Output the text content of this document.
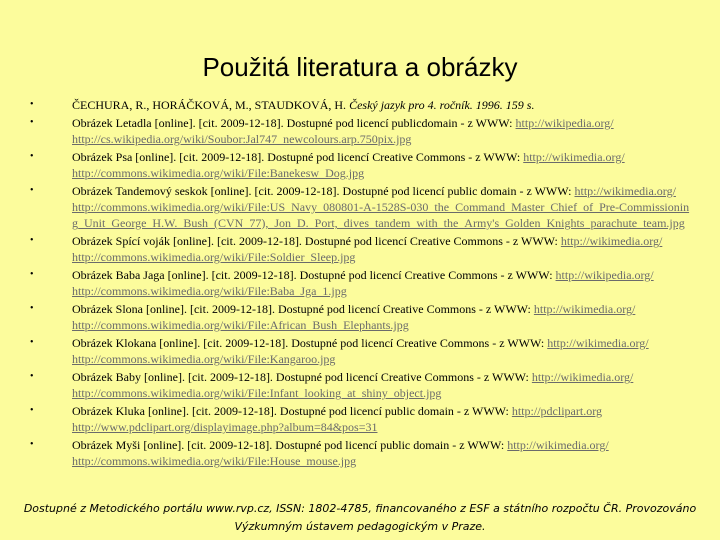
Použitá literatura a obrázky
•	ČECHURA, R., HORÁČKOVÁ, M., STAUDKOVÁ, H. Český jazyk pro 4. ročník. 1996. 159 s.
•	Obrázek Letadla [online]. [cit. 2009-12-18]. Dostupné pod licencí publicdomain - z WWW: http://wikipedia.org/
http://cs.wikipedia.org/wiki/Soubor:Jal747_newcolours.arp.750pix.jpg
•	Obrázek Psa [online]. [cit. 2009-12-18]. Dostupné pod licencí Creative Commons - z WWW: http://wikimedia.org/
http://commons.wikimedia.org/wiki/File:Banekesw_Dog.jpg
•	Obrázek Tandemový seskok [online]. [cit. 2009-12-18]. Dostupné pod licencí public domain - z WWW: http://wikimedia.org/
http://commons.wikimedia.org/wiki/File:US_Navy_080801-A-1528S-030_the_Command_Master_Chief_of_Pre-Commissioning_Unit_George_H.W._Bush_(CVN_77),_Jon_D._Port,_dives_tandem_with_the_Army's_Golden_Knights_parachute_team.jpg
•	Obrázek Spící voják [online]. [cit. 2009-12-18]. Dostupné pod licencí Creative Commons - z WWW: http://wikimedia.org/
http://commons.wikimedia.org/wiki/File:Soldier_Sleep.jpg
•	Obrázek Baba Jaga [online]. [cit. 2009-12-18]. Dostupné pod licencí Creative Commons - z WWW: http://wikipedia.org/
http://commons.wikimedia.org/wiki/File:Baba_Jga_1.jpg
•	Obrázek Slona [online]. [cit. 2009-12-18]. Dostupné pod licencí Creative Commons - z WWW: http://wikimedia.org/
http://commons.wikimedia.org/wiki/File:African_Bush_Elephants.jpg
•	Obrázek Klokana [online]. [cit. 2009-12-18]. Dostupné pod licencí Creative Commons - z WWW: http://wikimedia.org/
http://commons.wikimedia.org/wiki/File:Kangaroo.jpg
•	Obrázek Baby [online]. [cit. 2009-12-18]. Dostupné pod licencí Creative Commons - z WWW: http://wikimedia.org/
http://commons.wikimedia.org/wiki/File:Infant_looking_at_shiny_object.jpg
•	Obrázek Kluka [online]. [cit. 2009-12-18]. Dostupné pod licencí public domain - z WWW: http://pdclipart.org
http://www.pdclipart.org/displayimage.php?album=84&pos=31
•	Obrázek Myši [online]. [cit. 2009-12-18]. Dostupné pod licencí public domain - z WWW: http://wikimedia.org/
http://commons.wikimedia.org/wiki/File:House_mouse.jpg
Dostupné z Metodického portálu www.rvp.cz, ISSN: 1802-4785, financovaného z ESF a státního rozpočtu ČR. Provozováno
Výzkumným ústavem pedagogickým v Praze.
